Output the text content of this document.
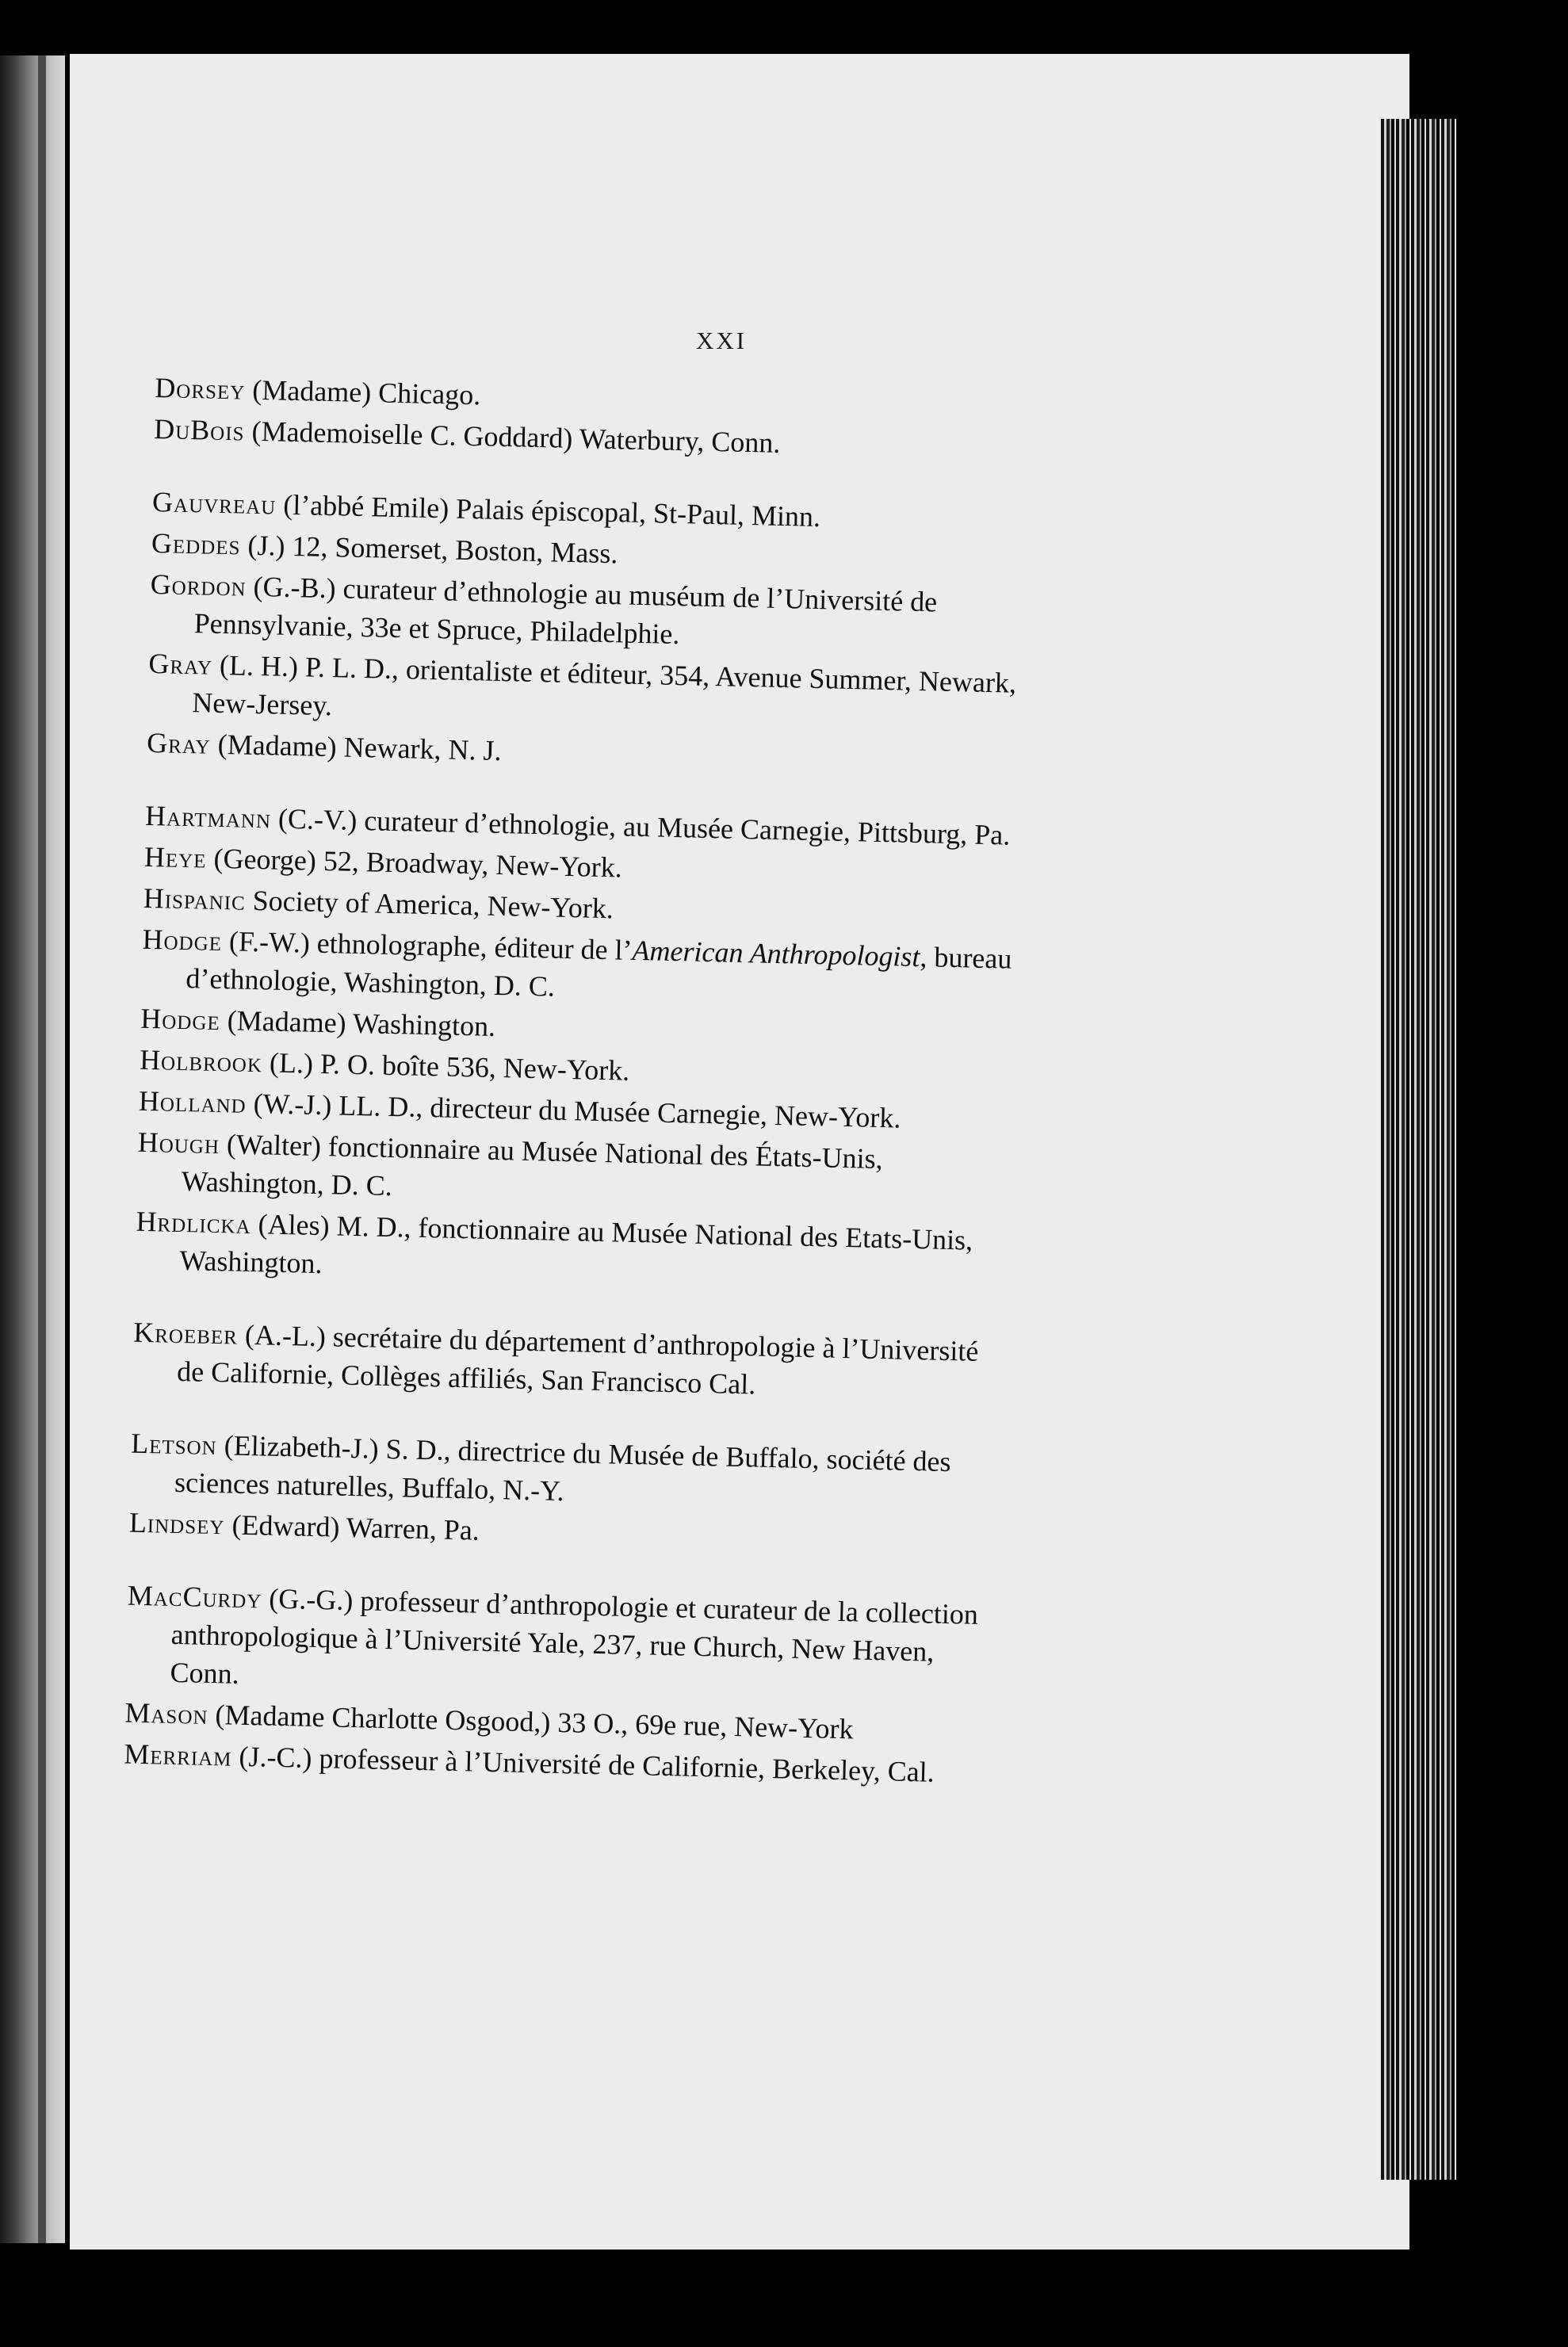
XXI

Dorsey (Madame) Chicago.

DuBois (Mademoiselle C. Goddard) Waterbury, Conn.

Gauvreau (l’abbé Emile) Palais épiscopal, St-Paul, Minn.

Geddes (J.) 12, Somerset, Boston, Mass.

Gordon (G.-B.) curateur d’ethnologie au muséum de l’Université de Pennsylvanie, 33e et Spruce, Philadelphie.

Gray (L. H.) P. L. D., orientaliste et éditeur, 354, Avenue Summer, Newark, New-Jersey.

Gray (Madame) Newark, N. J.

Hartmann (C.-V.) curateur d’ethnologie, au Musée Carnegie, Pittsburg, Pa.

Heye (George) 52, Broadway, New-York.

Hispanic Society of America, New-York.

Hodge (F.-W.) ethnolographe, éditeur de l’American Anthropologist, bureau d’ethnologie, Washington, D. C.

Hodge (Madame) Washington.

Holbrook (L.) P. O. boîte 536, New-York.

Holland (W.-J.) LL. D., directeur du Musée Carnegie, New-York.

Hough (Walter) fonctionnaire au Musée National des États-Unis, Washington, D. C.

Hrdlicka (Ales) M. D., fonctionnaire au Musée National des Etats-Unis, Washington.

Kroeber (A.-L.) secrétaire du département d’anthropologie à l’Université de Californie, Collèges affiliés, San Francisco Cal.

Letson (Elizabeth-J.) S. D., directrice du Musée de Buffalo, société des sciences naturelles, Buffalo, N.-Y.

Lindsey (Edward) Warren, Pa.

MacCurdy (G.-G.) professeur d’anthropologie et curateur de la collection anthropologique à l’Université Yale, 237, rue Church, New Haven, Conn.

Mason (Madame Charlotte Osgood,) 33 O., 69e rue, New-York

Merriam (J.-C.) professeur à l’Université de Californie, Berkeley, Cal.
